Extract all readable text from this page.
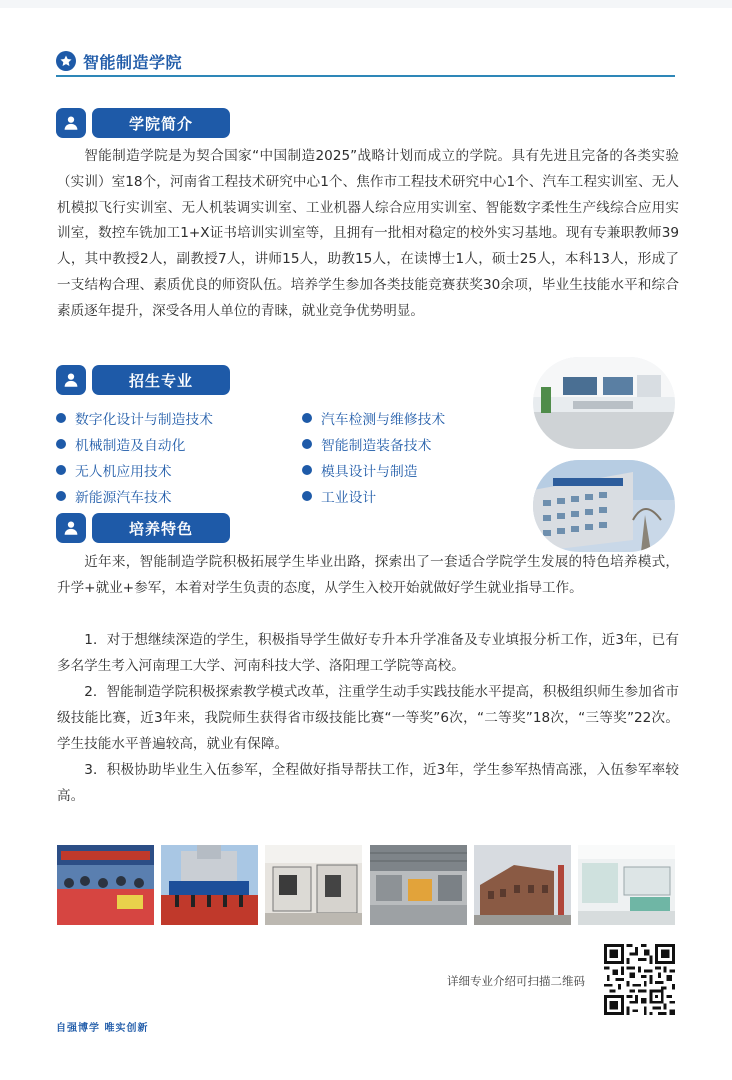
智能制造学院
学院简介

智能制造学院是为契合国家“中国制造2025”战略计划而成立的学院。具有先进且完备的各类实验（实训）室18个，河南省工程技术研究中心1个、焦作市工程技术研究中心1个、汽车工程实训室、无人机模拟飞行实训室、无人机装调实训室、工业机器人综合应用实训室、智能数字柔性生产线综合应用实训室，数控车铣加工1+X证书培训实训室等，且拥有一批相对稳定的校外实习基地。现有专兼职教师39人，其中教授2人，副教授7人，讲师15人，助教15人，在读博士1人，硕士25人，本科13人，形成了一支结构合理、素质优良的师资队伍。培养学生参加各类技能竞赛获奖30余项，毕业生技能水平和综合素质逐年提升，深受各用人单位的青睐，就业竞争优势明显。

招生专业
数字化设计与制造技术	汽车检测与维修技术
机械制造及自动化	智能制造装备技术
无人机应用技术	模具设计与制造
新能源汽车技术	工业设计
培养特色

近年来，智能制造学院积极拓展学生毕业出路，探索出了一套适合学院学生发展的特色培养模式，升学+就业+参军，本着对学生负责的态度，从学生入校开始就做好学生就业指导工作。

1．对于想继续深造的学生，积极指导学生做好专升本升学准备及专业填报分析工作，近3年，已有多名学生考入河南理工大学、河南科技大学、洛阳理工学院等高校。

2．智能制造学院积极探索教学模式改革，注重学生动手实践技能水平提高，积极组织师生参加省市级技能比赛，近3年来，我院师生获得省市级技能比赛“一等奖”6次，“二等奖”18次，“三等奖”22次。学生技能水平普遍较高，就业有保障。

3．积极协助毕业生入伍参军，全程做好指导帮扶工作，近3年，学生参军热情高涨，入伍参军率较高。

详细专业介绍可扫描二维码
自强博学 唯实创新
